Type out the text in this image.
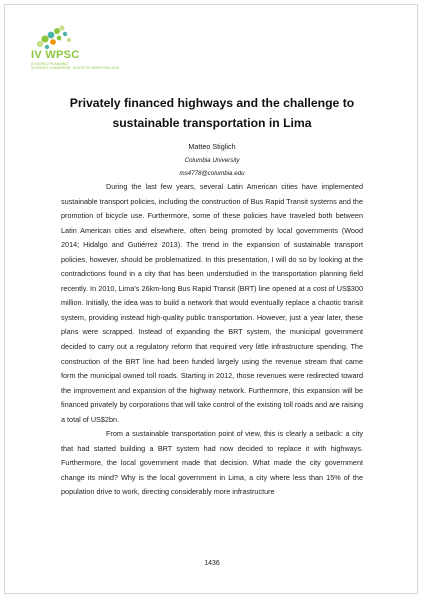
IV WPSC
IV WORLD PLANNING
SCHOOLS CONGRESS SOUTH OF NORTH RIO 2016
Privately financed highways and the challenge to sustainable transportation in Lima
Matteo Stiglich
Columbia University
ms4778@columbia.edu

During the last few years, several Latin American cities have implemented sustainable transport policies, including the construction of Bus Rapid Transit systems and the promotion of bicycle use. Furthermore, some of these policies have traveled both between Latin American cities and elsewhere, often being promoted by local governments (Wood 2014; Hidalgo and Gutiérrez 2013). The trend in the expansion of sustainable transport policies, however, should be problematized. In this presentation, I will do so by looking at the contradictions found in a city that has been understudied in the transportation planning field recently. In 2010, Lima's 26km-long Bus Rapid Transit (BRT) line opened at a cost of US$300 million. Initially, the idea was to build a network that would eventually replace a chaotic transit system, providing instead high-quality public transportation. However, just a year later, these plans were scrapped. Instead of expanding the BRT system, the municipal government decided to carry out a regulatory reform that required very little infrastructure spending. The construction of the BRT line had been funded largely using the revenue stream that came form the municipal owned toll roads. Starting in 2012, those revenues were redirected toward the improvement and expansion of the highway network. Furthermore, this expansion will be financed privately by corporations that will take control of the existing toll roads and are raising a total of US$2bn.

From a sustainable transportation point of view, this is clearly a setback: a city that had started building a BRT system had now decided to replace it with highways. Furthermore, the local government made that decision. What made the city government change its mind? Why is the local government in Lima, a city where less than 15% of the population drive to work, directing considerably more infrastructure

1436
